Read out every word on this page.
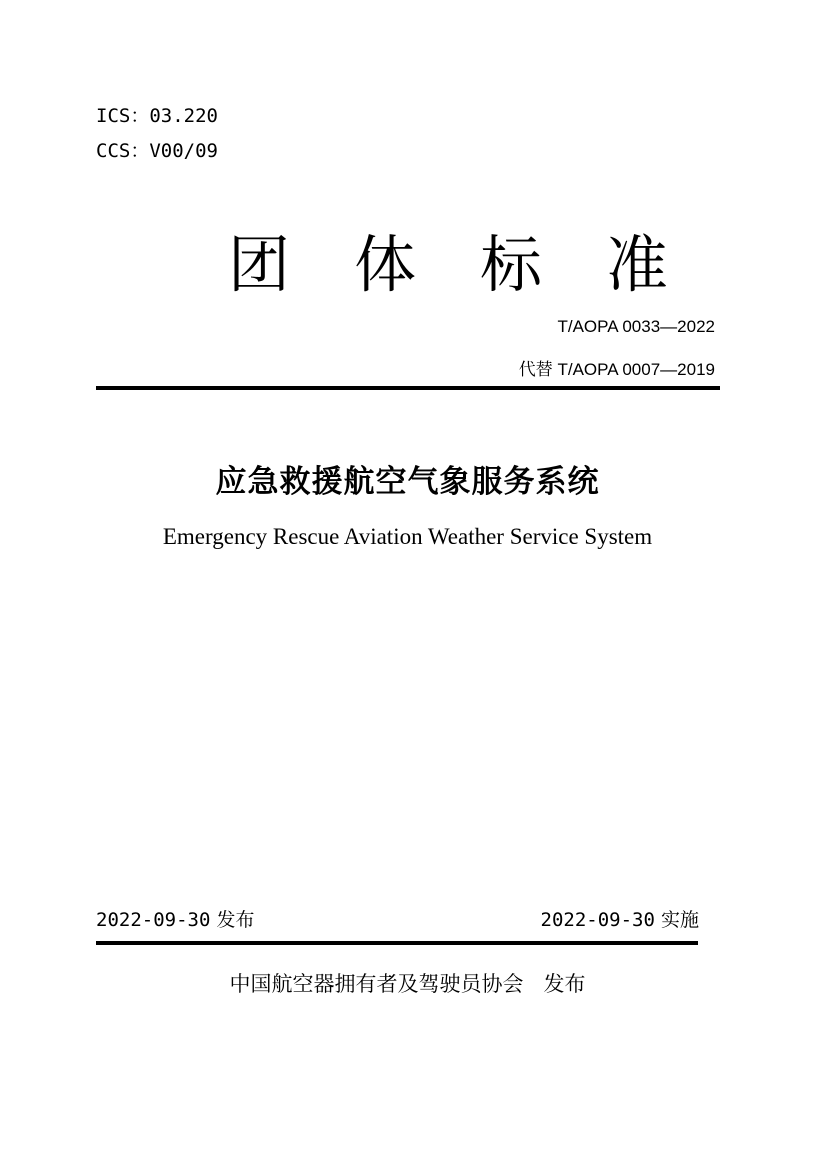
ICS：03.220

CCS：V00/09

团 体 标 准

T/AOPA 0033—2022

代替 T/AOPA 0007—2019

应急救援航空气象服务系统

Emergency Rescue Aviation Weather Service System

2022-09-30 发布	2022-09-30 实施

中国航空器拥有者及驾驶员协会 发布
